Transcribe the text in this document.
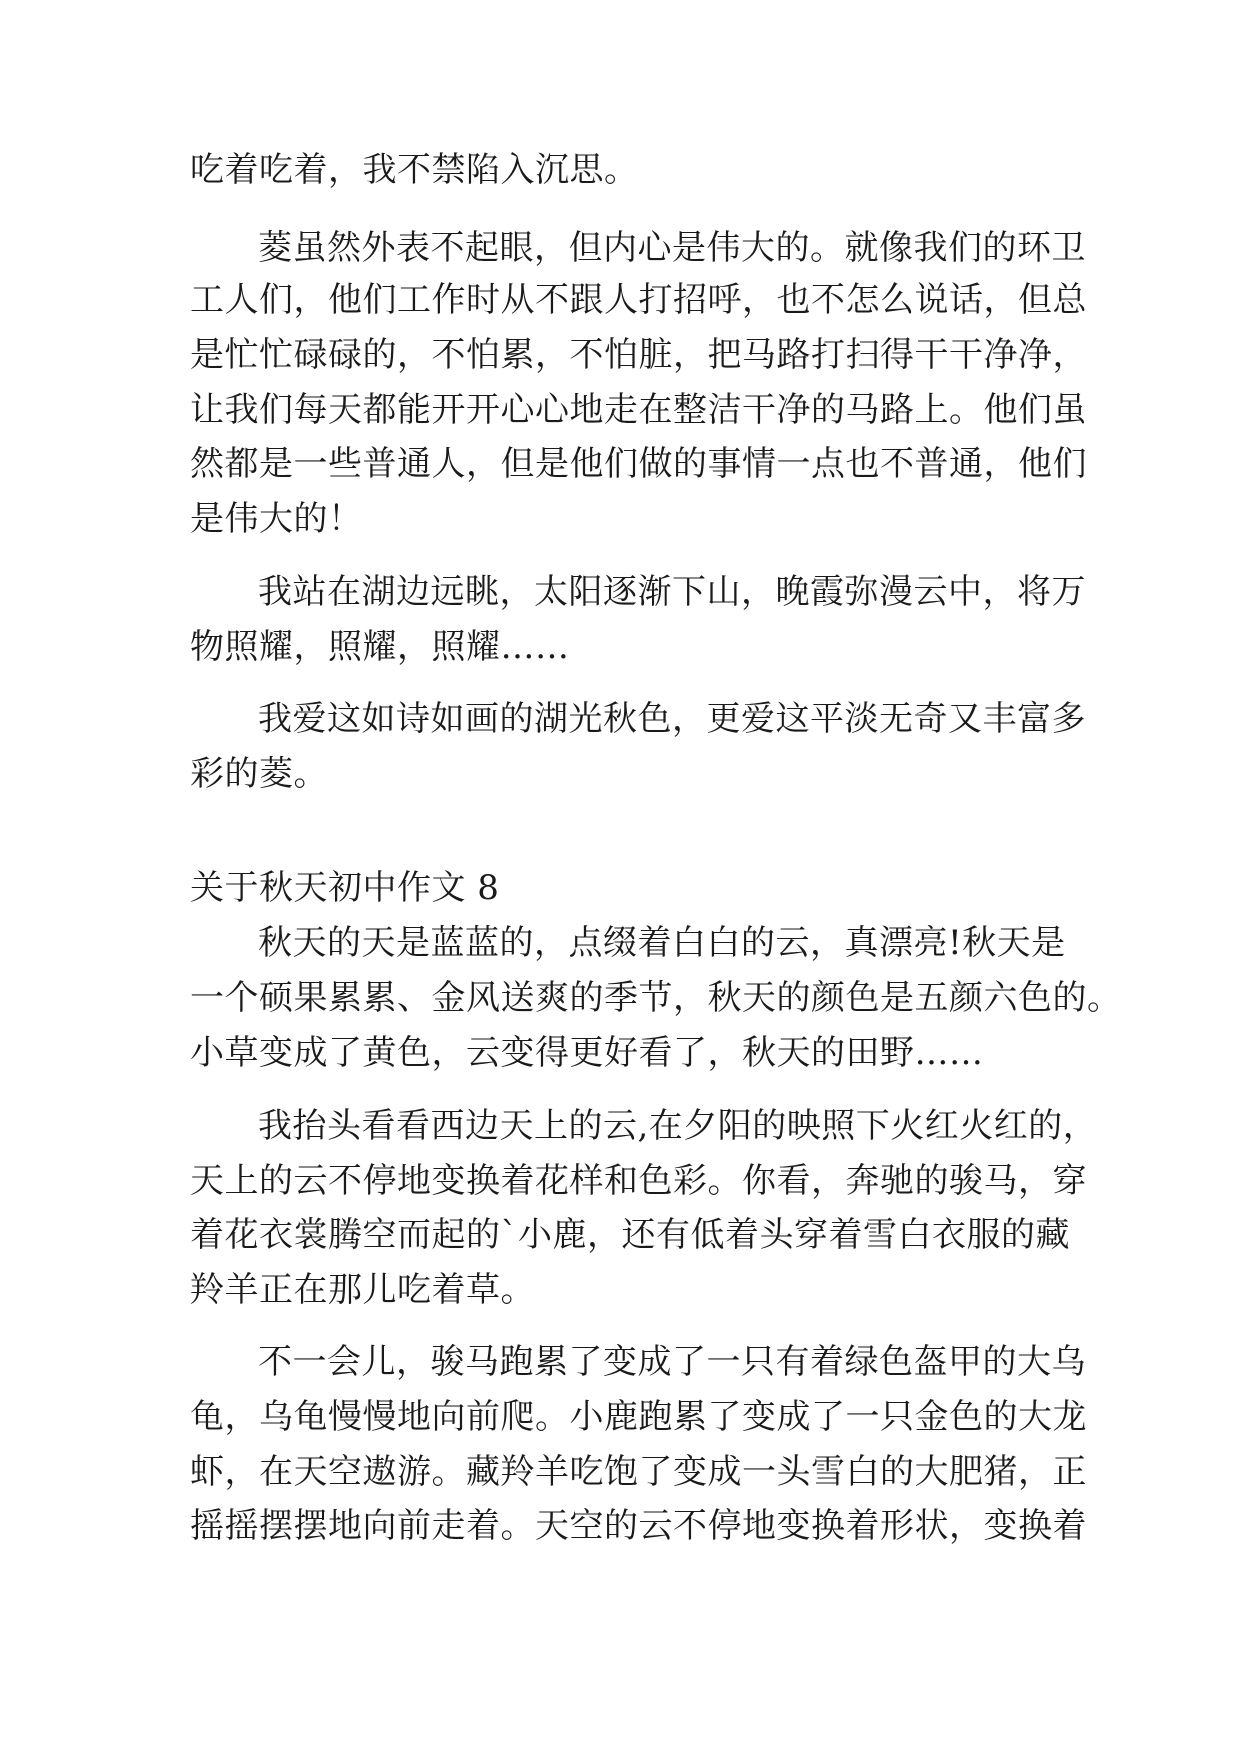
吃着吃着，我不禁陷入沉思。
菱虽然外表不起眼，但内心是伟大的。就像我们的环卫
工人们，他们工作时从不跟人打招呼，也不怎么说话，但总
是忙忙碌碌的，不怕累，不怕脏，把马路打扫得干干净净，
让我们每天都能开开心心地走在整洁干净的马路上。他们虽
然都是一些普通人，但是他们做的事情一点也不普通，他们
是伟大的！
我站在湖边远眺，太阳逐渐下山，晚霞弥漫云中，将万
物照耀，照耀，照耀……
我爱这如诗如画的湖光秋色，更爱这平淡无奇又丰富多
彩的菱。
关于秋天初中作文 8
秋天的天是蓝蓝的，点缀着白白的云，真漂亮!秋天是
一个硕果累累、金风送爽的季节，秋天的颜色是五颜六色的。
小草变成了黄色，云变得更好看了，秋天的田野……
我抬头看看西边天上的云,在夕阳的映照下火红火红的，
天上的云不停地变换着花样和色彩。你看，奔驰的骏马，穿
着花衣裳腾空而起的`小鹿，还有低着头穿着雪白衣服的藏
羚羊正在那儿吃着草。
不一会儿，骏马跑累了变成了一只有着绿色盔甲的大乌
龟，乌龟慢慢地向前爬。小鹿跑累了变成了一只金色的大龙
虾，在天空遨游。藏羚羊吃饱了变成一头雪白的大肥猪，正
摇摇摆摆地向前走着。天空的云不停地变换着形状，变换着
